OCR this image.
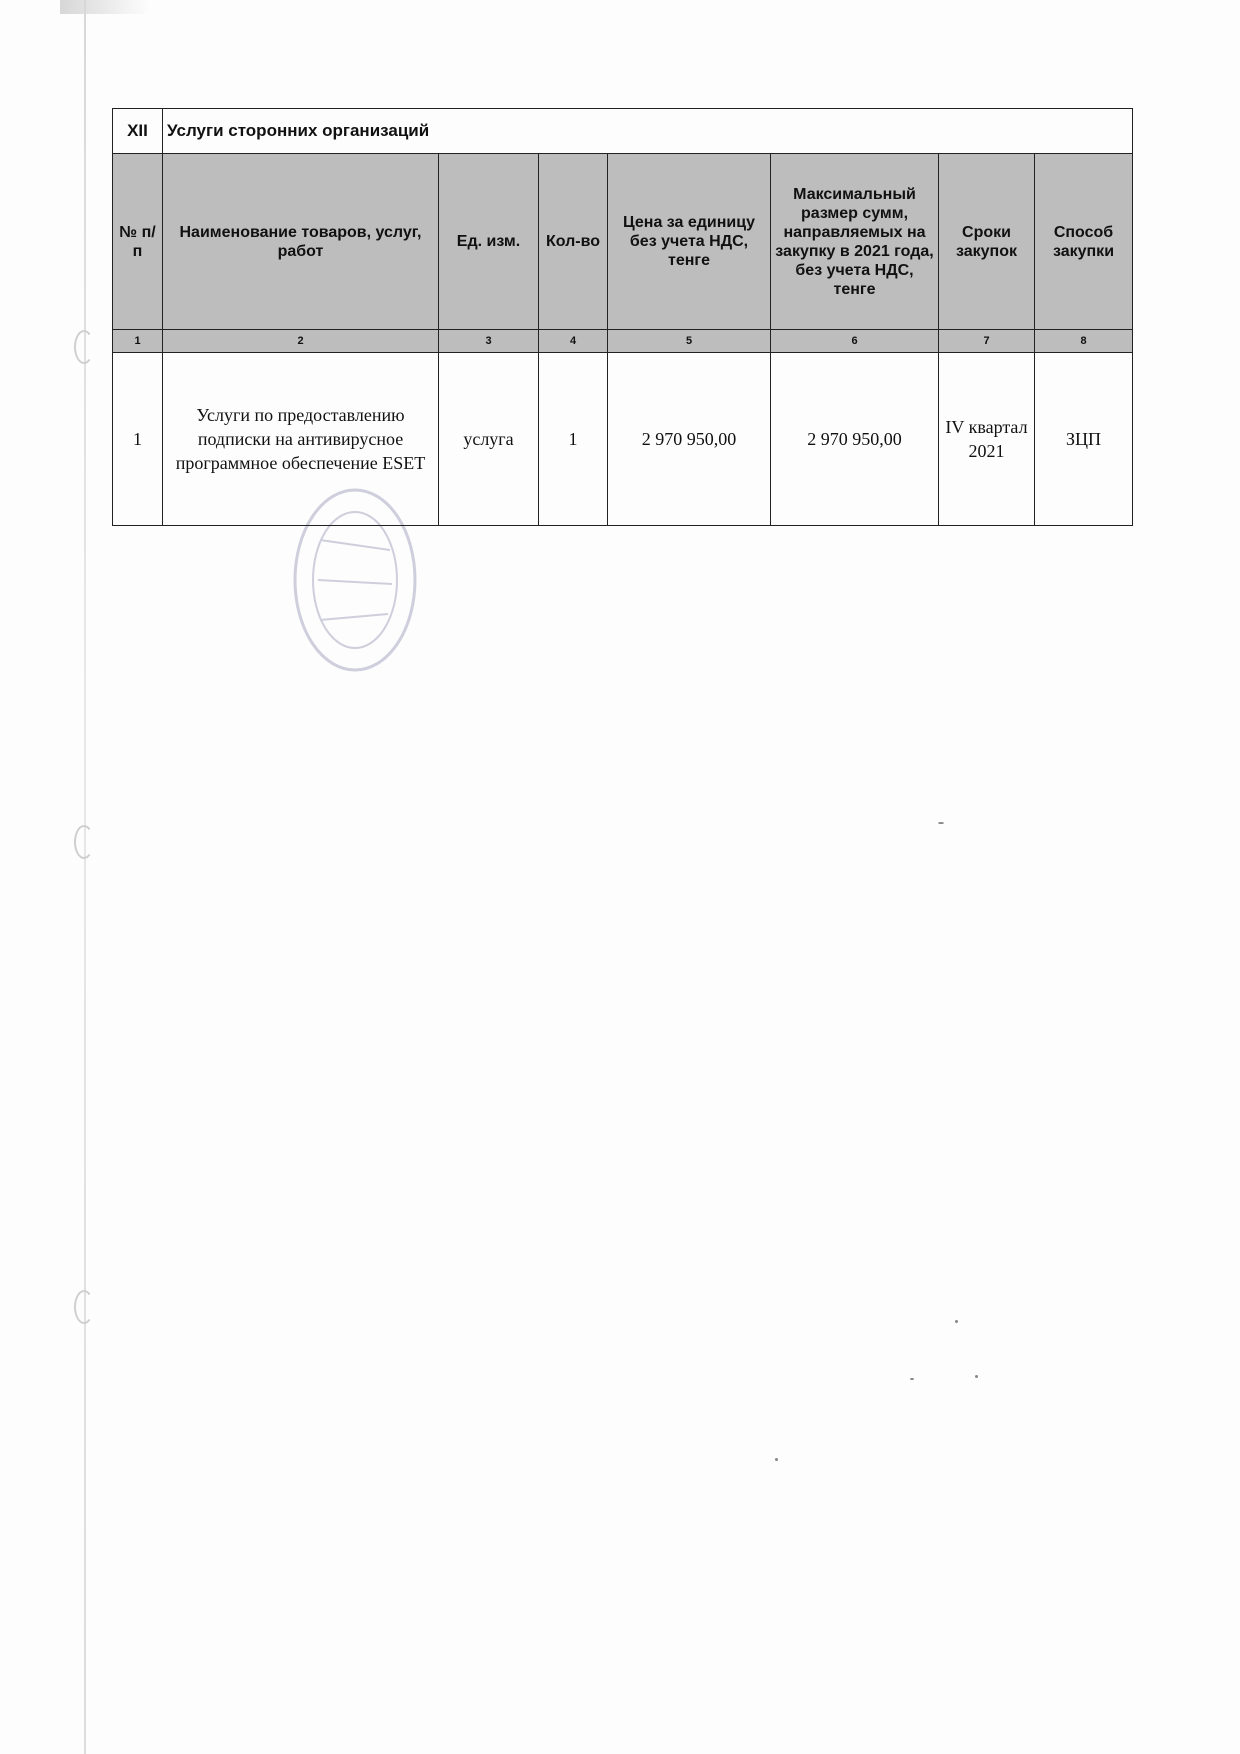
XII	Услуги сторонних организаций						
№ п/п	Наименование товаров, услуг, работ	Ед. изм.	Кол-во	Цена за единицу без учета НДС, тенге	Максимальный размер сумм, направляемых на закупку в 2021 года, без учета НДС, тенге	Сроки закупок	Способ закупки
1	2	3	4	5	6	7	8
1	Услуги по предоставлению подписки на антивирусное программное обеспечение ESET	услуга	1	2 970 950,00	2 970 950,00	IV квартал 2021	ЗЦП
